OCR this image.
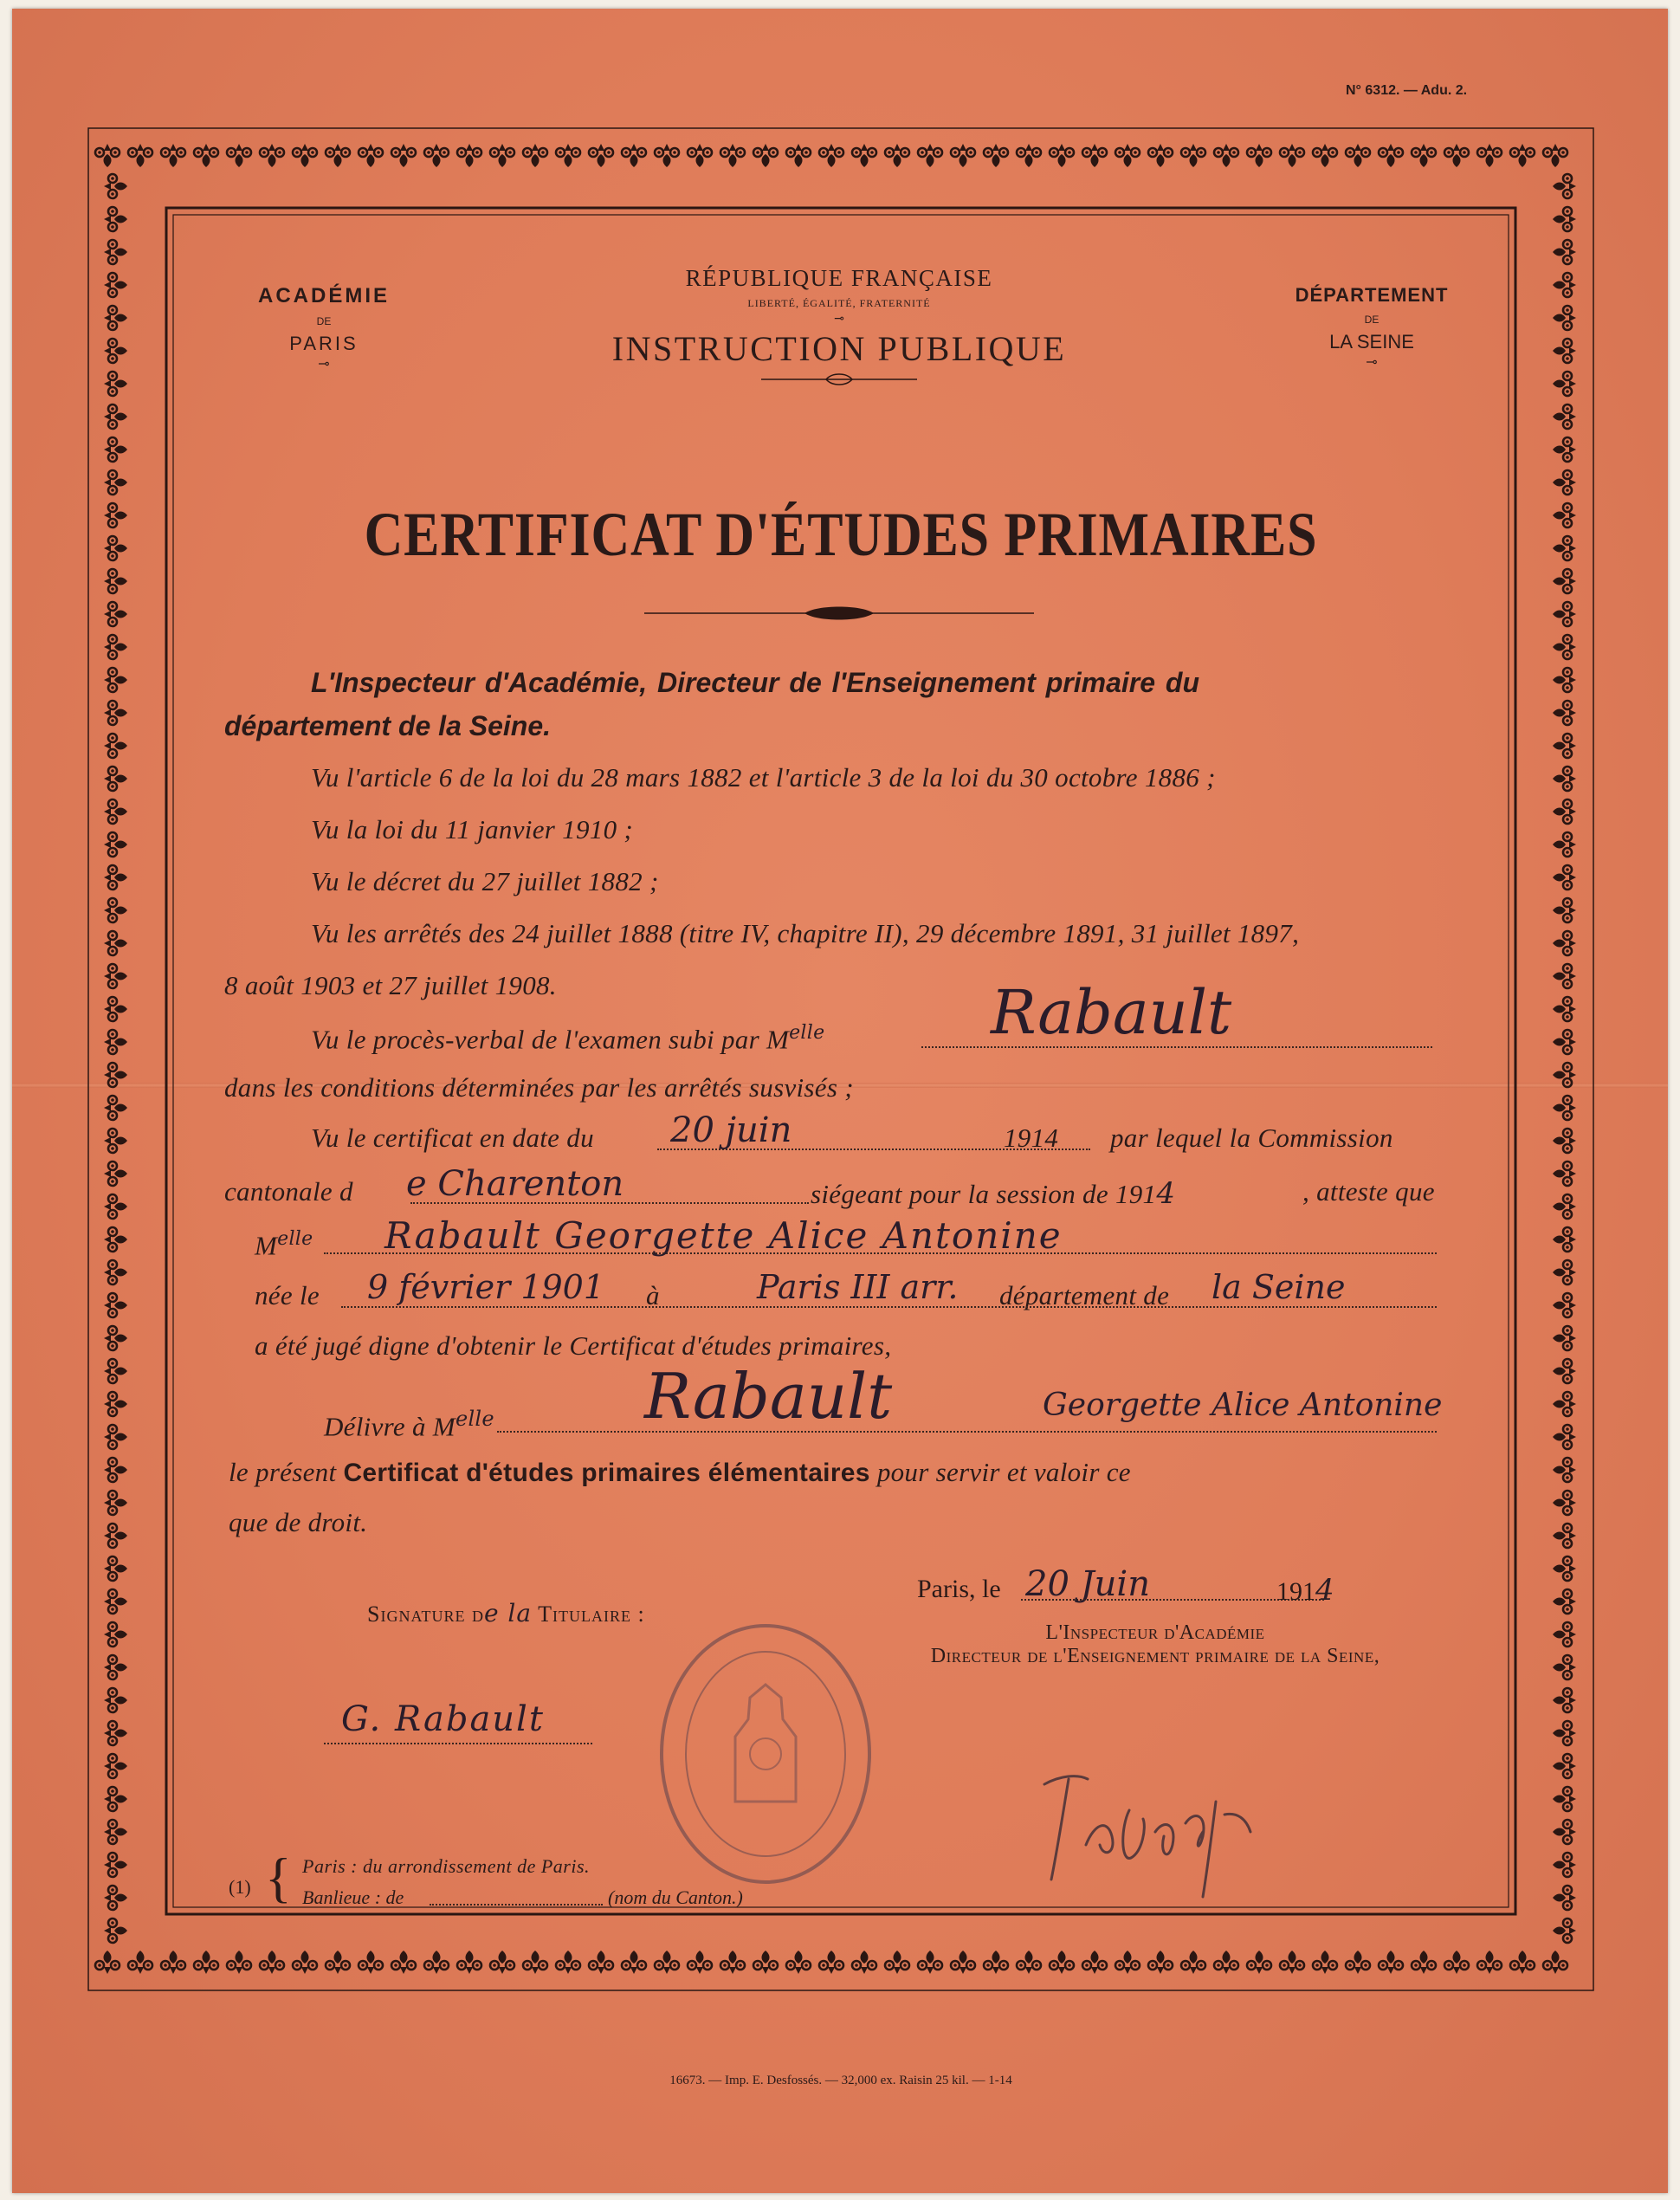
N° 6312. — Adu. 2.
ACADÉMIE
DE
PARIS
⊸
RÉPUBLIQUE FRANÇAISE
LIBERTÉ, ÉGALITÉ, FRATERNITÉ
⊸
INSTRUCTION PUBLIQUE
DÉPARTEMENT
DE
LA SEINE
⊸
CERTIFICAT D'ÉTUDES PRIMAIRES
L'Inspecteur d'Académie, Directeur de l'Enseignement primaire du
département de la Seine.
Vu l'article 6 de la loi du 28 mars 1882 et l'article 3 de la loi du 30 octobre 1886 ;
Vu la loi du 11 janvier 1910 ;
Vu le décret du 27 juillet 1882 ;
Vu les arrêtés des 24 juillet 1888 (titre IV, chapitre II), 29 décembre 1891, 31 juillet 1897,
8 août 1903 et 27 juillet 1908.
Vu le procès-verbal de l'examen subi par $M^{elle}$	Rabault
dans les conditions déterminées par les arrêtés susvisés ;
Vu le certificat en date du 20 juin	1914 par lequel la Commission
cantonale d e Charenton	siégeant pour la session de 1914	, atteste que
$M^{elle}$ Rabault Georgette Alice Antonine
née le 9 février 1901 à	Paris III arr. département de la Seine
a été jugé digne d'obtenir le Certificat d'études primaires,
Délivre à $M^{elle}$ Rabault	Georgette Alice Antonine
le présent Certificat d'études primaires élémentaires pour servir et valoir ce
que de droit.
Paris, le 20 Juin	1914
Signature de la Titulaire :
L'Inspecteur d'Académie
Directeur de l'Enseignement primaire de la Seine,
G. Rabault
(1) { Paris : du arrondissement de Paris.
Banlieue : de	(nom du Canton.)
16673. — Imp. E. Desfossés. — 32,000 ex. Raisin 25 kil. — 1-14
